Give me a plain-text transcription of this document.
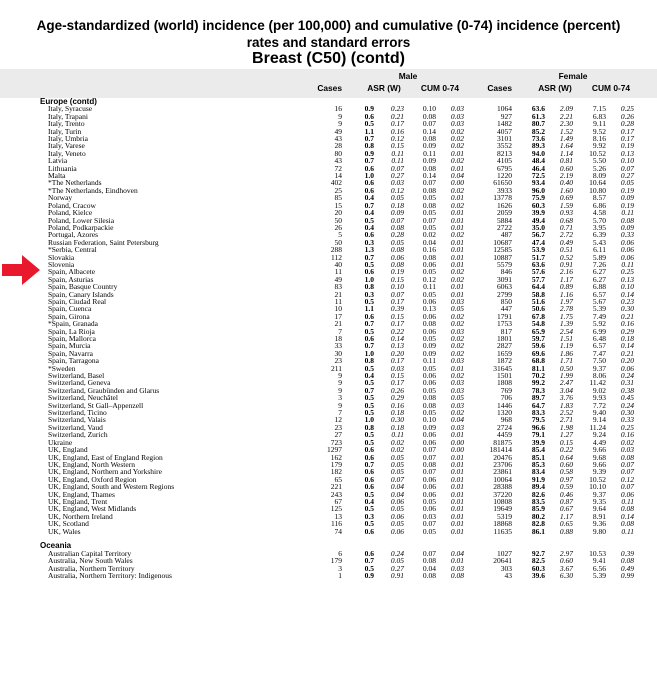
Age-standardized (world) incidence (per 100,000) and cumulative (0-74) incidence (percent)
rates and standard errors
Breast (C50) (contd)
Male	Female
Cases	ASR (W) CUM 0-74	Cases	ASR (W) CUM 0-74
Europe (contd)
Italy, Syracuse	16	0.9 0.23	0.10 0.03	1064	63.6 2.09	7.15 0.25
Italy, Trapani	9	0.6 0.21	0.08 0.03	927	61.3 2.21	6.83 0.26
Italy, Trento	9	0.5 0.17	0.07 0.03	1482	80.7 2.30	9.11 0.28
Italy, Turin	49	1.1 0.16	0.14 0.02	4057	85.2 1.52	9.52 0.17
Italy, Umbria	43	0.7 0.12	0.08 0.02	3101	73.6 1.49	8.16 0.17
Italy, Varese	28	0.8 0.15	0.09 0.02	3552	89.3 1.64	9.92 0.19
Italy, Veneto	80	0.9 0.11	0.11 0.01	8213	94.0 1.14 10.52 0.13
Latvia	43	0.7 0.11	0.09 0.02	4105	48.4 0.81	5.50 0.10
Lithuania	72	0.6 0.07	0.08 0.01	6795	46.4 0.60	5.26 0.07
Malta	14	1.0 0.27	0.14 0.04	1220	72.5 2.19	8.09 0.27
*The Netherlands	402	0.6 0.03	0.07 0.00	61650	93.4 0.40 10.64 0.05
*The Netherlands, Eindhoven	25	0.6 0.12	0.08 0.02	3933	96.0 1.60 10.80 0.19
Norway	85	0.4 0.05	0.05 0.01	13778	75.9 0.69	8.57 0.09
Poland, Cracow	15	0.7 0.18	0.08 0.02	1626	60.3 1.59	6.86 0.19
Poland, Kielce	20	0.4 0.09	0.05 0.01	2059	39.9 0.93	4.58 0.11
Poland, Lower Silesia	50	0.5 0.07	0.07 0.01	5884	49.4 0.68	5.70 0.08
Poland, Podkarpackie	26	0.4 0.08	0.05 0.01	2722	35.0 0.71	3.95 0.09
Portugal, Azores	5	0.6 0.28	0.02 0.02	487	56.7 2.72	6.39 0.33
Russian Federation, Saint Petersburg	50	0.3 0.05	0.04 0.01	10687	47.4 0.49	5.43 0.06
*Serbia, Central	288	1.3 0.08	0.16 0.01	12585	53.9 0.51	6.11 0.06
Slovakia	112	0.7 0.06	0.08 0.01	10887	51.7 0.52	5.89 0.06
Slovenia	40	0.5 0.08	0.06 0.01	5579	63.6 0.91	7.26 0.11
Spain, Albacete	11	0.6 0.19	0.05 0.02	846	57.6 2.16	6.27 0.25
Spain, Asturias	49	1.0 0.15	0.12 0.02	3091	57.7 1.17	6.27 0.13
Spain, Basque Country	83	0.8 0.10	0.11 0.01	6063	64.4 0.89	6.88 0.10
Spain, Canary Islands	21	0.3 0.07	0.05 0.01	2799	58.8 1.16	6.57 0.14
Spain, Ciudad Real	11	0.5 0.17	0.06 0.03	850	51.6 1.97	5.67 0.23
Spain, Cuenca	10	1.1 0.39	0.13 0.05	447	50.6 2.78	5.39 0.30
Spain, Girona	17	0.6 0.15	0.06 0.02	1791	67.8 1.75	7.49 0.21
*Spain, Granada	21	0.7 0.17	0.08 0.02	1753	54.8 1.39	5.92 0.16
Spain, La Rioja	7	0.5 0.22	0.06 0.03	817	65.9 2.54	6.99 0.29
Spain, Mallorca	18	0.6 0.14	0.05 0.02	1801	59.7 1.51	6.48 0.18
Spain, Murcia	33	0.7 0.13	0.09 0.02	2827	59.6 1.19	6.57 0.14
Spain, Navarra	30	1.0 0.20	0.09 0.02	1659	69.6 1.86	7.47 0.21
Spain, Tarragona	23	0.8 0.17	0.11 0.03	1872	68.8 1.71	7.50 0.20
*Sweden	211	0.5 0.03	0.05 0.01	31645	81.1 0.50	9.37 0.06
Switzerland, Basel	9	0.4 0.15	0.06 0.02	1501	70.2 1.99	8.06 0.24
Switzerland, Geneva	9	0.5 0.17	0.06 0.03	1808	99.2 2.47 11.42 0.31
Switzerland, Graubünden and Glarus	9	0.7 0.26	0.05 0.03	769	78.3 3.04	9.02 0.38
Switzerland, Neuchâtel	3	0.5 0.29	0.08 0.05	706	89.7 3.76	9.93 0.45
Switzerland, St Gall–Appenzell	9	0.5 0.16	0.08 0.03	1446	64.7 1.83	7.72 0.24
Switzerland, Ticino	7	0.5 0.18	0.05 0.02	1320	83.3 2.52	9.40 0.30
Switzerland, Valais	12	1.0 0.30	0.10 0.04	968	79.5 2.71	9.14 0.33
Switzerland, Vaud	23	0.8 0.18	0.09 0.03	2724	96.6 1.98 11.24 0.25
Switzerland, Zurich	27	0.5 0.11	0.06 0.01	4459	79.1 1.27	9.24 0.16
Ukraine	723	0.5 0.02	0.06 0.00	81875	39.9 0.15	4.49 0.02
UK, England	1297	0.6 0.02	0.07 0.00	181414	85.4 0.22	9.66 0.03
UK, England, East of England Region	162	0.6 0.05	0.07 0.01	20476	85.1 0.64	9.68 0.08
UK, England, North Western	179	0.7 0.05	0.08 0.01	23706	85.3 0.60	9.66 0.07
UK, England, Northern and Yorkshire	182	0.6 0.05	0.07 0.01	23861	83.4 0.58	9.39 0.07
UK, England, Oxford Region	65	0.6 0.07	0.06 0.01	10064	91.9 0.97 10.52 0.12
UK, England, South and Western Regions	221	0.6 0.04	0.06 0.01	28388	89.4 0.59 10.10 0.07
UK, England, Thames	243	0.5 0.04	0.06 0.01	37220	82.6 0.46	9.37 0.06
UK, England, Trent	67	0.4 0.06	0.05 0.01	10808	83.5 0.87	9.35 0.11
UK, England, West Midlands	125	0.5 0.05	0.06 0.01	19649	85.9 0.67	9.64 0.08
UK, Northern Ireland	13	0.3 0.06	0.03 0.01	5319	80.2 1.17	8.91 0.14
UK, Scotland	116	0.5 0.05	0.07 0.01	18868	82.8 0.65	9.36 0.08
UK, Wales	74	0.6 0.06	0.05 0.01	11635	86.1 0.88	9.80 0.11
Oceania
Australian Capital Territory	6	0.6 0.24	0.07 0.04	1027	92.7 2.97 10.53 0.39
Australia, New South Wales	179	0.7 0.05	0.08 0.01	20641	82.5 0.60	9.41 0.08
Australia, Northern Territory	3	0.5 0.27	0.04 0.03	303	60.3 3.67	6.56 0.49
Australia, Northern Territory: Indigenous	1	0.9 0.91	0.08 0.08	43	39.6 6.30	5.39 0.99
